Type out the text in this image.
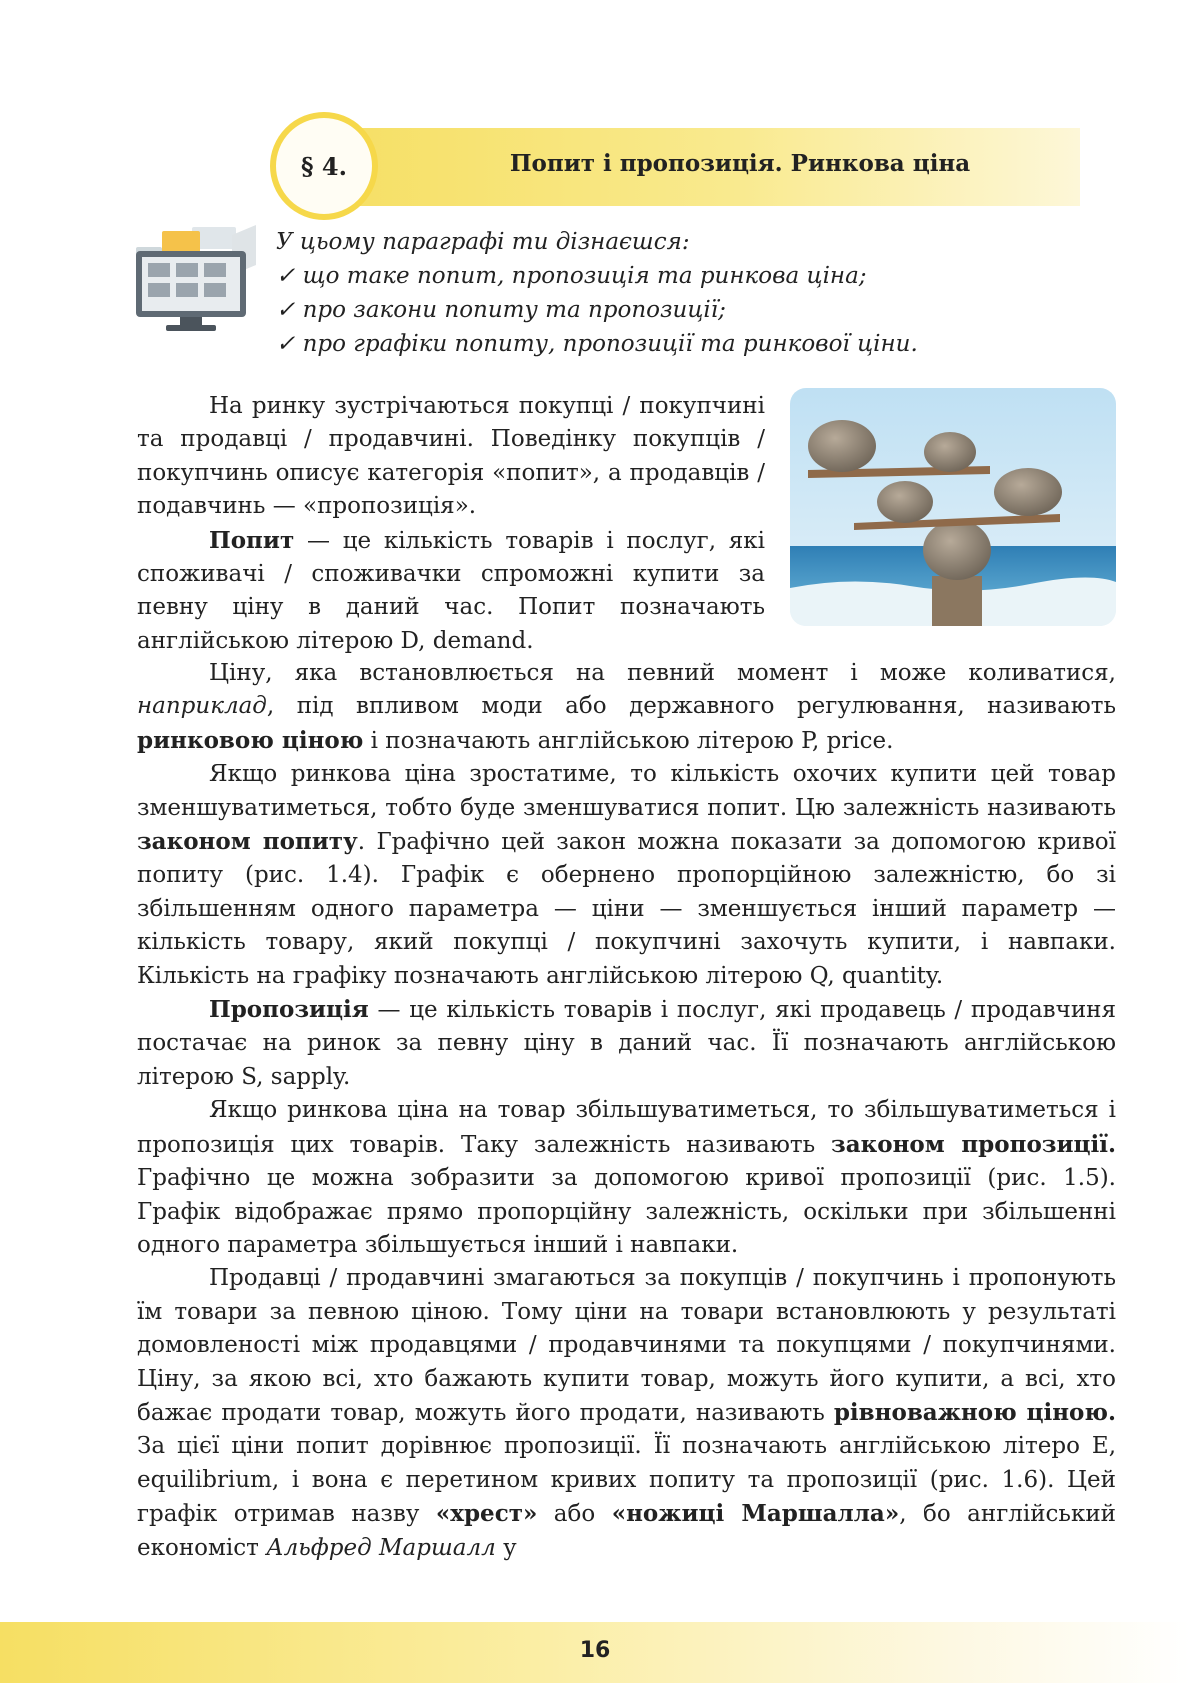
§ 4.	Попит і пропозиція. Ринкова ціна
У цьому параграфі ти дізнаєшся:
✓ що таке попит, пропозиція та ринкова ціна;
✓ про закони попиту та пропозиції;
✓ про графіки попиту, пропозиції та ринкової ціни.
На ринку зустрічаються покупці / покупчині та продавці / продавчині. Поведінку покупців / покупчинь описує категорія «попит», а продавців / подавчинь — «пропозиція».
Попит — це кількість товарів і послуг, які споживачі / споживачки спроможні купити за певну ціну в даний час. Попит позначають англійською літерою D, demand.
Ціну, яка встановлюється на певний момент і може коливатися, наприклад, під впливом моди або державного регулювання, називають ринковою ціною і позначають англійською літерою P, price.
Якщо ринкова ціна зростатиме, то кількість охочих купити цей товар зменшуватиметься, тобто буде зменшуватися попит. Цю залежність називають законом попиту. Графічно цей закон можна показати за допомогою кривої попиту (рис. 1.4). Графік є обернено пропорційною залежністю, бо зі збільшенням одного параметра — ціни — зменшується інший параметр — кількість товару, який покупці / покупчині захочуть купити, і навпаки. Кількість на графіку позначають англійською літерою Q, quantity.
Пропозиція — це кількість товарів і послуг, які продавець / продавчиня постачає на ринок за певну ціну в даний час. Її позначають англійською літерою S, sapply.
Якщо ринкова ціна на товар збільшуватиметься, то збільшуватиметься і пропозиція цих товарів. Таку залежність називають законом пропозиції. Графічно це можна зобразити за допомогою кривої пропозиції (рис. 1.5). Графік відображає прямо пропорційну залежність, оскільки при збільшенні одного параметра збільшується інший і навпаки.
Продавці / продавчині змагаються за покупців / покупчинь і пропонують їм товари за певною ціною. Тому ціни на товари встановлюють у результаті домовленості між продавцями / продавчинями та покупцями / покупчинями. Ціну, за якою всі, хто бажають купити товар, можуть його купити, а всі, хто бажає продати товар, можуть його продати, називають рівноважною ціною. За цієї ціни попит дорівнює пропозиції. Її позначають англійською літеро E, equilibrium, і вона є перетином кривих попиту та пропозиції (рис. 1.6). Цей графік отримав назву «хрест» або «ножиці Маршалла», бо англійський економіст Альфред Маршалл у
16
